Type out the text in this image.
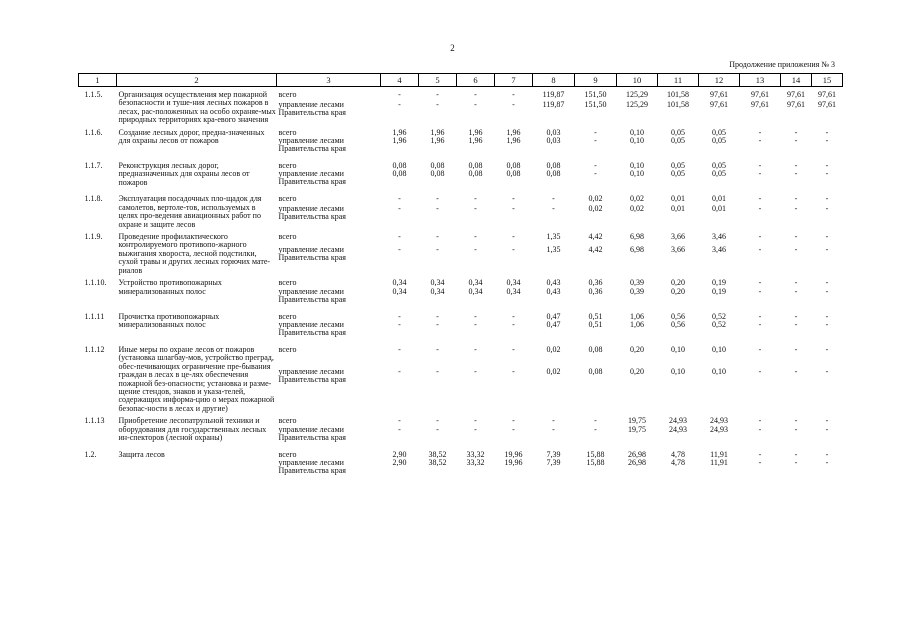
2
Продолжение приложения № 3
1	2	3	4	5	6	7	8	9	10	11	12	13	14	15
1.1.5.	Организация осуществления мер пожарной безопасности и туше-ния лесных пожаров в лесах, рас-положенных на особо охраняе-мых природных территориях кра-евого значения	всего	-	-	-	-	119,87	151,50	125,29	101,58	97,61	97,61	97,61	97,61
		управление лесами Правительства края	-	-	-	-	119,87	151,50	125,29	101,58	97,61	97,61	97,61	97,61
1.1.6.	Создание лесных дорог, предна-значенных для охраны лесов от пожаров	всего	1,96	1,96	1,96	1,96	0,03	-	0,10	0,05	0,05	-	-	-
		управление лесами Правительства края	1,96	1,96	1,96	1,96	0,03	-	0,10	0,05	0,05	-	-	-
1.1.7.	Реконструкция лесных дорог, предназначенных для охраны лесов от пожаров	всего	0,08	0,08	0,08	0,08	0,08	-	0,10	0,05	0,05	-	-	-
		управление лесами Правительства края	0,08	0,08	0,08	0,08	0,08	-	0,10	0,05	0,05	-	-	-
1.1.8.	Эксплуатация посадочных пло-щадок для самолетов, вертоле-тов, используемых в целях про-ведения авиационных работ по охране и защите лесов	всего	-	-	-	-	-	0,02	0,02	0,01	0,01	-	-	-
		управление лесами Правительства края	-	-	-	-	-	0,02	0,02	0,01	0,01	-	-	-
1.1.9.	Проведение профилактического контролируемого противопо-жарного выжигания хвороста, лесной подстилки, сухой травы и других лесных горючих мате-риалов	всего	-	-	-	-	1,35	4,42	6,98	3,66	3,46	-	-	-
		управление лесами Правительства края	-	-	-	-	1,35	4,42	6,98	3,66	3,46	-	-	-
1.1.10.	Устройство противопожарных минерализованных полос	всего	0,34	0,34	0,34	0,34	0,43	0,36	0,39	0,20	0,19	-	-	-
		управление лесами Правительства края	0,34	0,34	0,34	0,34	0,43	0,36	0,39	0,20	0,19	-	-	-
1.1.11	Прочистка противопожарных минерализованных полос	всего	-	-	-	-	0,47	0,51	1,06	0,56	0,52	-	-	-
		управление лесами Правительства края	-	-	-	-	0,47	0,51	1,06	0,56	0,52	-	-	-
1.1.12	Иные меры по охране лесов от пожаров (установка шлагбау-мов, устройство преград, обес-печивающих ограничение пре-бывания граждан в лесах в це-лях обеспечения пожарной без-опасности; установка и разме-щение стендов, знаков и указа-телей, содержащих информа-цию о мерах пожарной безопас-ности в лесах и другие)	всего	-	-	-	-	0,02	0,08	0,20	0,10	0,10	-	-	-
		управление лесами Правительства края	-	-	-	-	0,02	0,08	0,20	0,10	0,10	-	-	-
1.1.13	Приобретение лесопатрульной техники и оборудования для государственных лесных ин-спекторов (лесной охраны)	всего	-	-	-	-	-	-	19,75	24,93	24,93	-	-	-
		управление лесами Правительства края	-	-	-	-	-	-	19,75	24,93	24,93	-	-	-
1.2.	Защита лесов	всего	2,90	38,52	33,32	19,96	7,39	15,88	26,98	4,78	11,91	-	-	-
		управление лесами Правительства края	2,90	38,52	33,32	19,96	7,39	15,88	26,98	4,78	11,91	-	-	-
